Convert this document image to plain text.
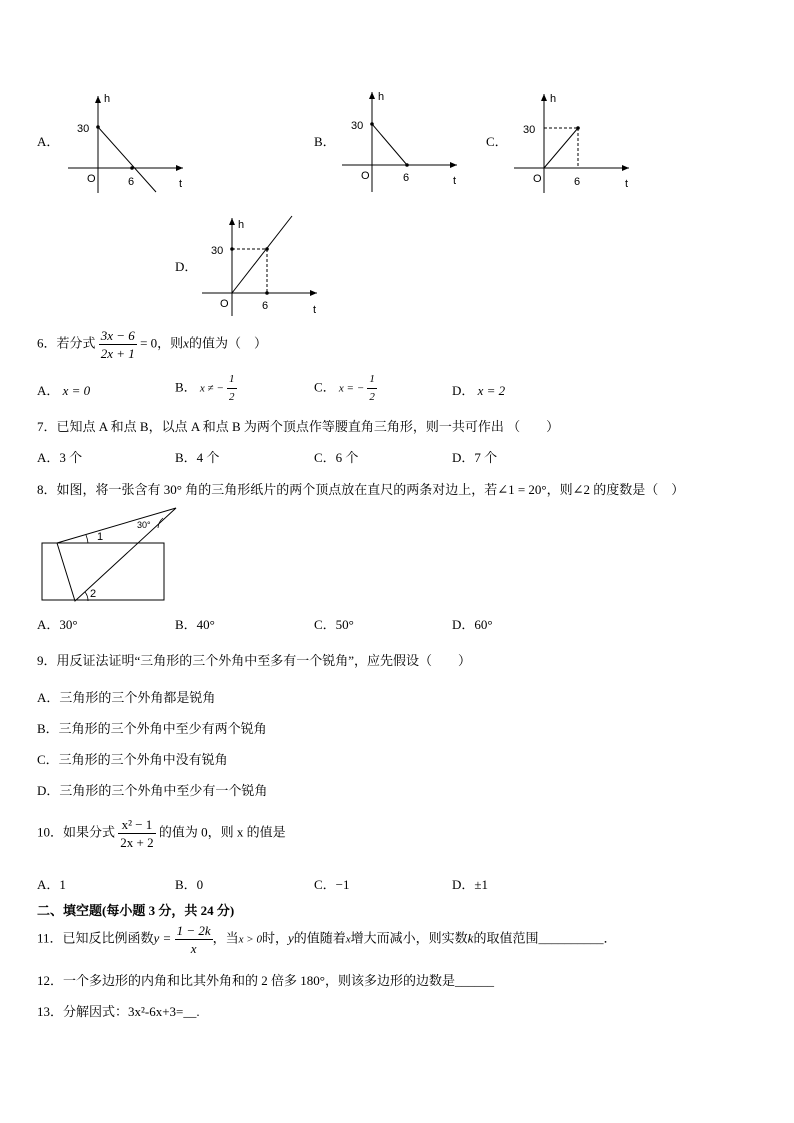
A．
h
30
O	6	t
B．
h
30
O	6	t
C．
h
30
O	6	t
D．
h
30
O	6	t
6．若分式 $\frac{3x - 6}{2x + 1} = 0$，则x的值为（　）
A． x = 0	B． x ≠ − $\frac{1}{2}$	C． x = − $\frac{1}{2}$	D． x = 2
7．已知点 A 和点 B，以点 A 和点 B 为两个顶点作等腰直角三角形，则一共可作出 （　　）
A．3 个	B．4 个	C．6 个	D．7 个
8．如图，将一张含有 30° 角的三角形纸片的两个顶点放在直尺的两条对边上，若∠1 = 20°，则∠2 的度数是（　）
30°
1
2
A．30°	B．40°	C．50°	D．60°
9．用反证法证明“三角形的三个外角中至多有一个锐角”，应先假设（　　）
A．三角形的三个外角都是锐角
B．三角形的三个外角中至少有两个锐角
C．三角形的三个外角中没有锐角
D．三角形的三个外角中至少有一个锐角
10．如果分式 $\frac{\text{x² − 1}}{2x + 2}$ 的值为 0，则 x 的值是
A．1	B．0	C．−1	D．±1
二、填空题(每小题 3 分，共 24 分)
11．已知反比例函数$y = \frac{1 - 2k}{x}$ ，当x > 0时，y的值随着x增大而减小，则实数k的取值范围__________．
12．一个多边形的内角和比其外角和的 2 倍多 180°，则该多边形的边数是______
13．分解因式：3x²-6x+3=__.
